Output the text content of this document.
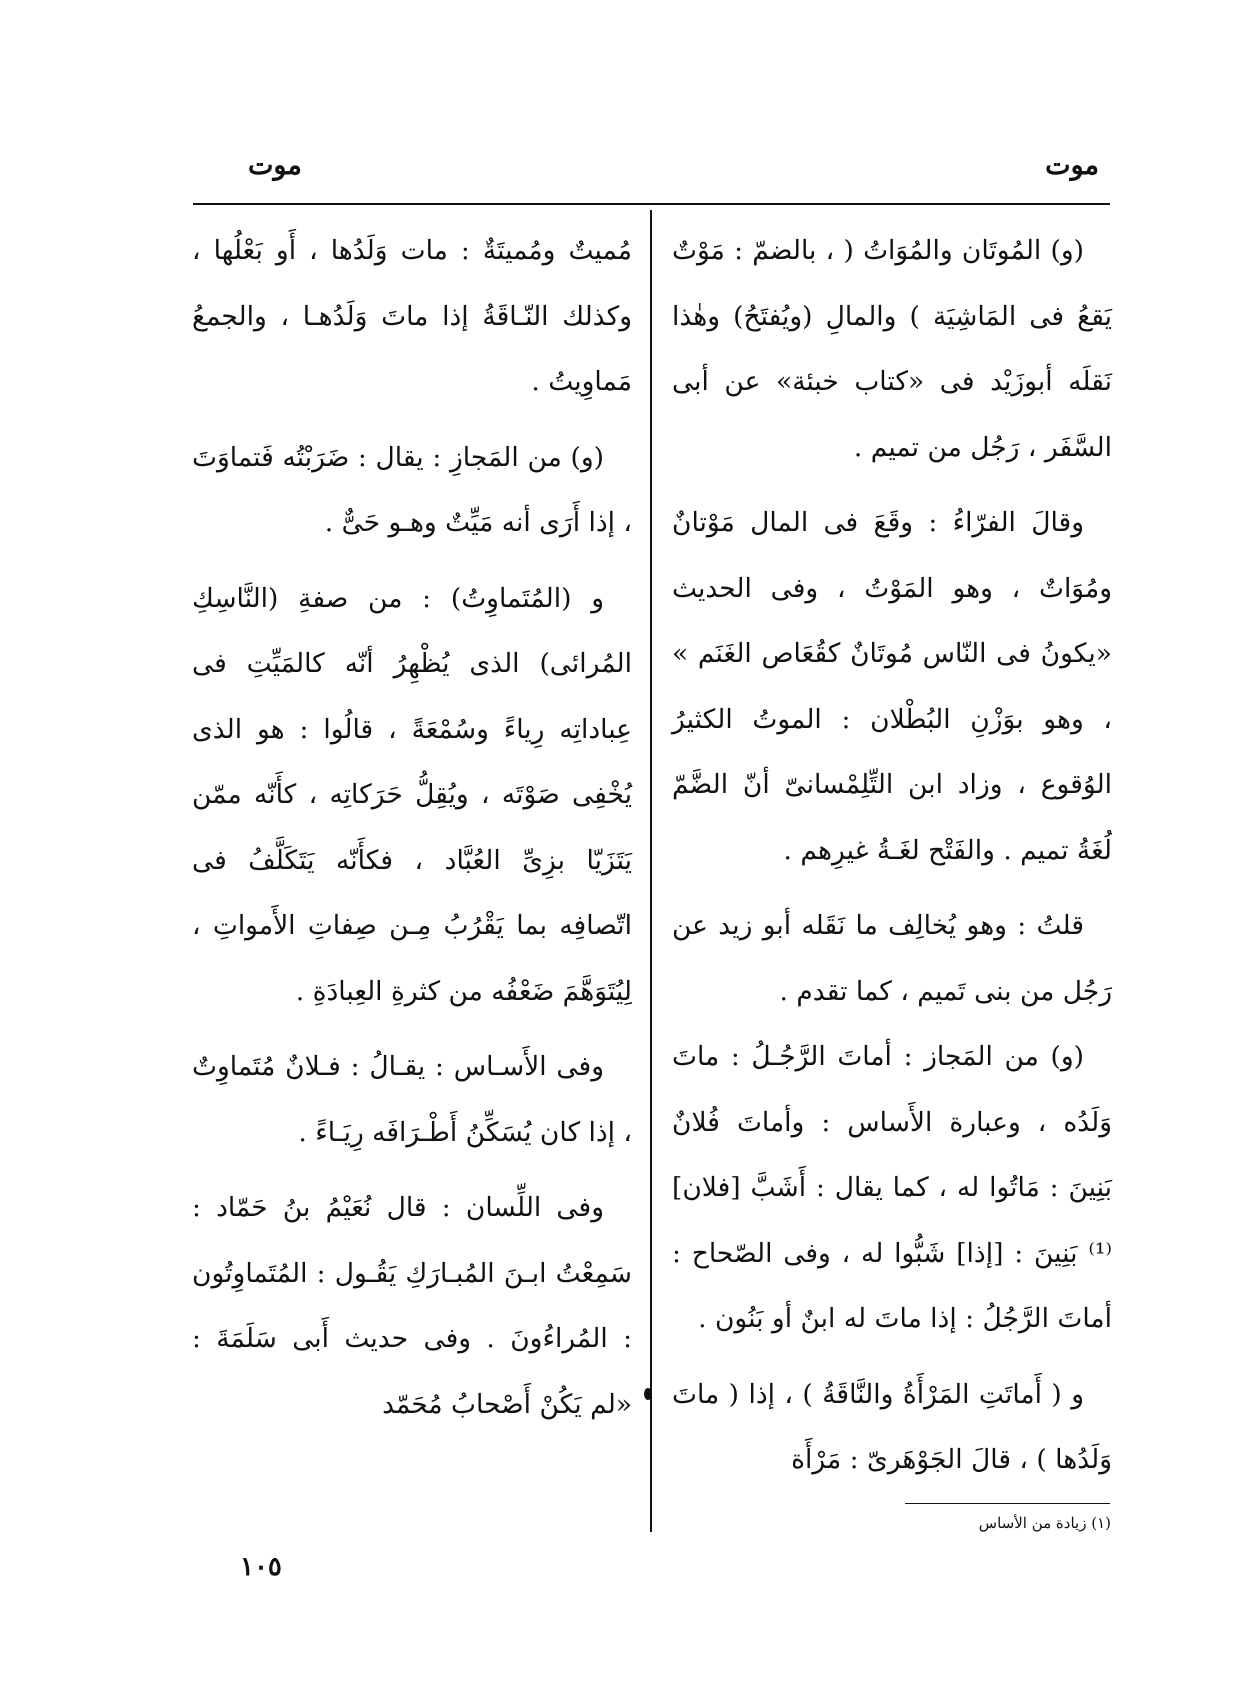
موت
موت

(و) المُوتَان والمُوَاتُ ( ، بالضمّ : مَوْتٌ يَقعُ فى المَاشِيَة ) والمالِ (ويُفتَحُ) وهٰذا نَقلَه أبوزَيْد فى «كتاب خبئة» عن أبى السَّفَر ، رَجُل من تميم .

وقالَ الفرّاءُ : وقَعَ فى المال مَوْتانٌ ومُوَاتٌ ، وهو المَوْتُ ، وفى الحديث «يكونُ فى النّاس مُوتَانٌ كقُعَاص الغَنَم » ، وهو بوَزْنِ البُطْلان : الموتُ الكثيرُ الوُقوع ، وزاد ابن التِّلِمْسانىّ أنّ الضَّمّ لُغَةُ تميم . والفَتْح لغَـةُ غيرِهم .

قلتُ : وهو يُخالِف ما نَقَله أبو زيد عن رَجُل من بنى تَميم ، كما تقدم .

(و) من المَجاز : أماتَ الرَّجُـلُ : ماتَ وَلَدُه ، وعبارة الأَساس : وأماتَ فُلانٌ بَنِينَ : مَاتُوا له ، كما يقال : أَشَبَّ [فلان] ⁽¹⁾ بَنِينَ : [إذا] شَبُّوا له ، وفى الصّحاح : أماتَ الرَّجُلُ : إذا ماتَ له ابنٌ أو بَنُون .

و ( أَماتَتِ المَرْأَةُ والنَّاقَةُ ) ، إذا ( ماتَ وَلَدُها ) ، قالَ الجَوْهَرىّ : مَرْأَة

مُميتٌ ومُميتَةٌ : مات وَلَدُها ، أَو بَعْلُها ، وكذلك النّـاقَةُ إذا ماتَ وَلَدُهـا ، والجمعُ مَماوِيتُ .

(و) من المَجازِ : يقال : ضَرَبْتُه فَتماوَتَ ، إذا أَرَى أنه مَيِّتٌ وهـو حَىٌّ .

و (المُتَماوِتُ) : من صفةِ (النَّاسِكِ المُرائى) الذى يُظْهِرُ أنّه كالمَيِّتِ فى عِباداتِه رِياءً وسُمْعَةً ، قالُوا : هو الذى يُخْفِى صَوْتَه ، ويُقِلُّ حَرَكاتِه ، كأَنّه ممّن يَتَزَيّا بزِىِّ العُبَّاد ، فكأَنّه يَتَكَلَّفُ فى اتّصافِه بما يَقْرُبُ مِـن صِفاتِ الأَمواتِ ، لِيُتَوَهَّمَ ضَعْفُه من كثرةِ العِبادَةِ .

وفى الأَسـاس : يقـالُ : فـلانٌ مُتَماوِتٌ ، إذا كان يُسَكِّنُ أَطْـرَافَه رِيَـاءً .

وفى اللِّسان : قال نُعَيْمُ بنُ حَمّاد : سَمِعْتُ ابـنَ المُبـارَكِ يَقُـول : المُتَماوِتُون : المُراءُونَ . وفى حديث أَبى سَلَمَةَ : «لم يَكُنْ أَصْحابُ مُحَمّد

(١) زيادة من الأساس
١٠٥
